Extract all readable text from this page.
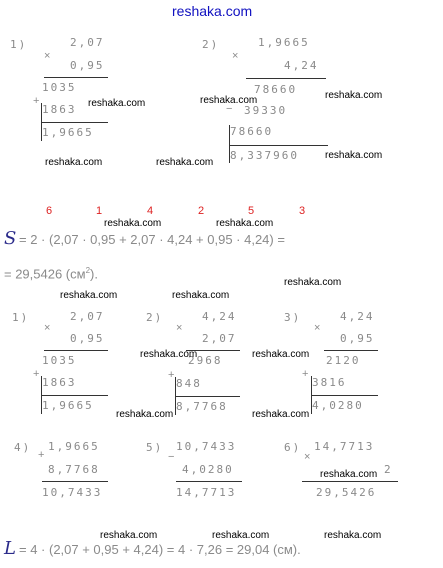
reshaka.com
1)
×
2,07
0,95
1035
+
1863
1,9665
2)
×
1,9665
4,24
78660
− 39330
78660
8,337960
reshaka.com	reshaka.com	reshaka.com
reshaka.com
reshaka.com	reshaka.com
6	1	4	2	5	3
reshaka.com	reshaka.com
S = 2 · (2,07 · 0,95 + 2,07 · 4,24 + 0,95 · 4,24) =
= 29,5426 $(см^2)$.
reshaka.com	reshaka.com
reshaka.com
1)
×
2,07
0,95
1035
+
1863
1,9665
2)
×
4,24
2,07
2968
+
848
8,7768
3)
×
4,24
0,95
2120
+
3816
4,0280
reshaka.com	reshaka.com
reshaka.com	reshaka.com
4)
+
1,9665
8,7768
10,7433
5)
−
10,7433
4,0280
14,7713
6)
×
14,7713
2
29,5426
reshaka.com
reshaka.com	reshaka.com	reshaka.com
L = 4 · (2,07 + 0,95 + 4,24) = 4 · 7,26 = 29,04 (см).
